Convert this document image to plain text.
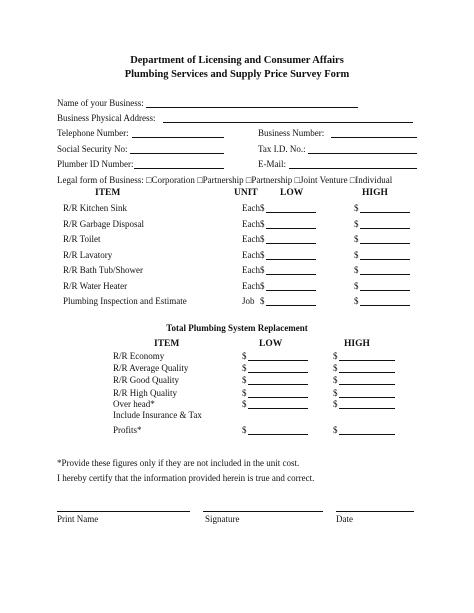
Department of Licensing and Consumer Affairs
Plumbing Services and Supply Price Survey Form
Name of your Business:
Business Physical Address:
Telephone Number:	Business Number:
Social Security No:	Tax I.D. No.:
Plumber ID Number:	E-Mail:
Legal form of Business: □Corporation □Partnership □Partnership □Joint Venture □Individual
ITEM	UNIT LOW	HIGH
R/R Kitchen Sink	Each $	$
R/R Garbage Disposal	Each $	$
R/R Toilet	Each $	$
R/R Lavatory	Each $	$
R/R Bath Tub/Shower	Each $	$
R/R Water Heater	Each $	$
Plumbing Inspection and Estimate	Job $	$
Total Plumbing System Replacement
ITEM	LOW	HIGH
R/R Economy	$	$
R/R Average Quality	$	$
R/R Good Quality	$	$
R/R High Quality	$	$
Over head*	$	$
Include Insurance & Tax
Profits*	$	$
*Provide these figures only if they are not included in the unit cost.
I hereby certify that the information provided herein is true and correct.
Print Name	Signature	Date
